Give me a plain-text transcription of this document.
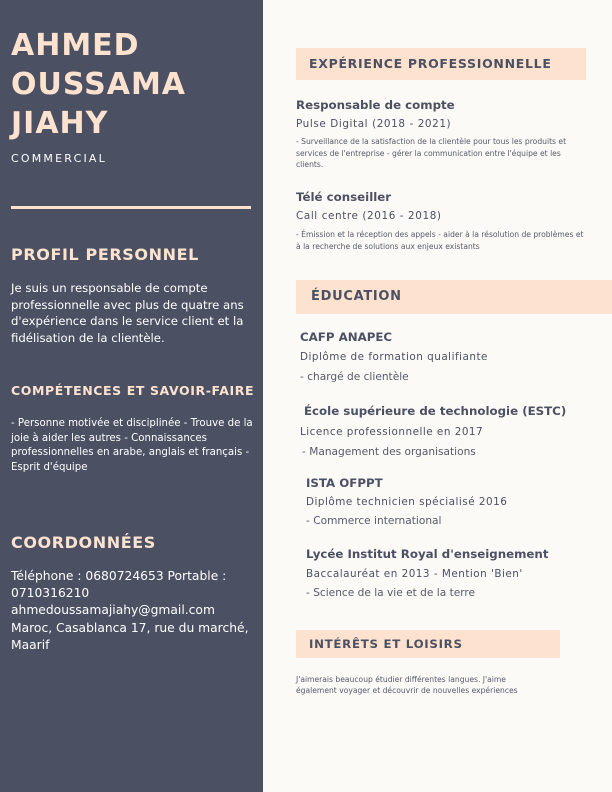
AHMED
OUSSAMA
JIAHY
COMMERCIAL
PROFIL PERSONNEL
Je suis un responsable de compte professionnelle avec plus de quatre ans d'expérience dans le service client et la fidélisation de la clientèle.
COMPÉTENCES ET SAVOIR-FAIRE
- Personne motivée et disciplinée - Trouve de la joie à aider les autres - Connaissances professionnelles en arabe, anglais et français - Esprit d'équipe
COORDONNÉES
Téléphone : 0680724653 Portable : 0710316210
ahmedoussamajiahy@gmail.com
Maroc, Casablanca 17, rue du marché, Maarif
EXPÉRIENCE PROFESSIONNELLE
Responsable de compte
Pulse Digital (2018 - 2021)
- Surveillance de la satisfaction de la clientèle pour tous les produits et services de l'entreprise - gérer la communication entre l'équipe et les clients.
Télé conseiller
Call centre (2016 - 2018)
- Émission et la réception des appels - aider à la résolution de problèmes et à la recherche de solutions aux enjeux existants
ÉDUCATION
CAFP ANAPEC
Diplôme de formation qualifiante
- chargé de clientèle
École supérieure de technologie (ESTC)
Licence professionnelle en 2017
- Management des organisations
ISTA OFPPT
Diplôme technicien spécialisé 2016
- Commerce international
Lycée Institut Royal d'enseignement
Baccalauréat en 2013 - Mention 'Bien'
- Science de la vie et de la terre
INTÉRÊTS ET LOISIRS
J'aimerais beaucoup étudier différentes langues. J'aime également voyager et découvrir de nouvelles expériences
